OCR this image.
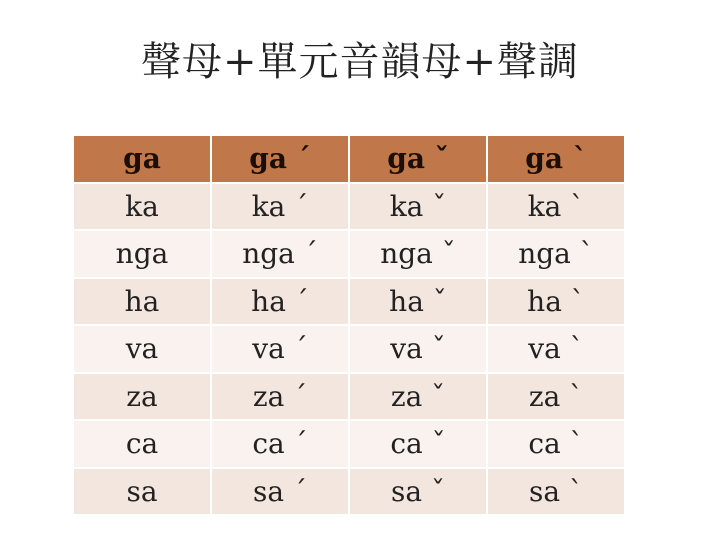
聲母+單元音韻母+聲調
ga	ga ˊ	ga ˇ	ga ˋ
ka	ka ˊ	ka ˇ	ka ˋ
nga	nga ˊ	nga ˇ	nga ˋ
ha	ha ˊ	ha ˇ	ha ˋ
va	va ˊ	va ˇ	va ˋ
za	za ˊ	za ˇ	za ˋ
ca	ca ˊ	ca ˇ	ca ˋ
sa	sa ˊ	sa ˇ	sa ˋ
